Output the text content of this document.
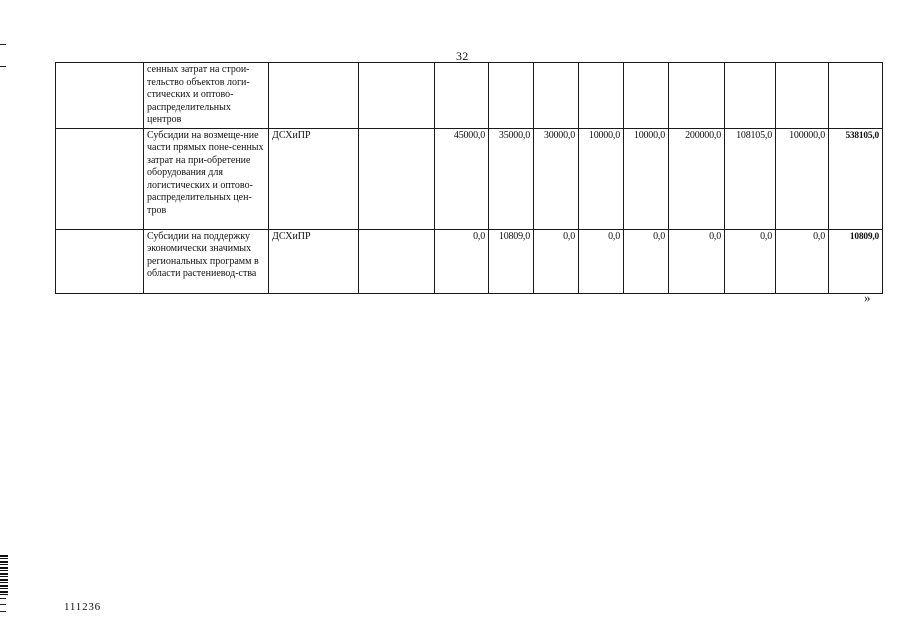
32
	сенных затрат на строи-тельство объектов логи-стических и оптово-распределительных центров											
	Субсидии на возмеще-ние части прямых поне-сенных затрат на при-обретение оборудования для логистических и оптово-распределительных цен-тров	ДСХиПР		45000,0	35000,0	30000,0	10000,0	10000,0	200000,0	108105,0	100000,0	538105,0
	Субсидии на поддержку экономически значимых региональных программ в области растениевод-ства	ДСХиПР		0,0	10809,0	0,0	0,0	0,0	0,0	0,0	0,0	10809,0
»
111236
